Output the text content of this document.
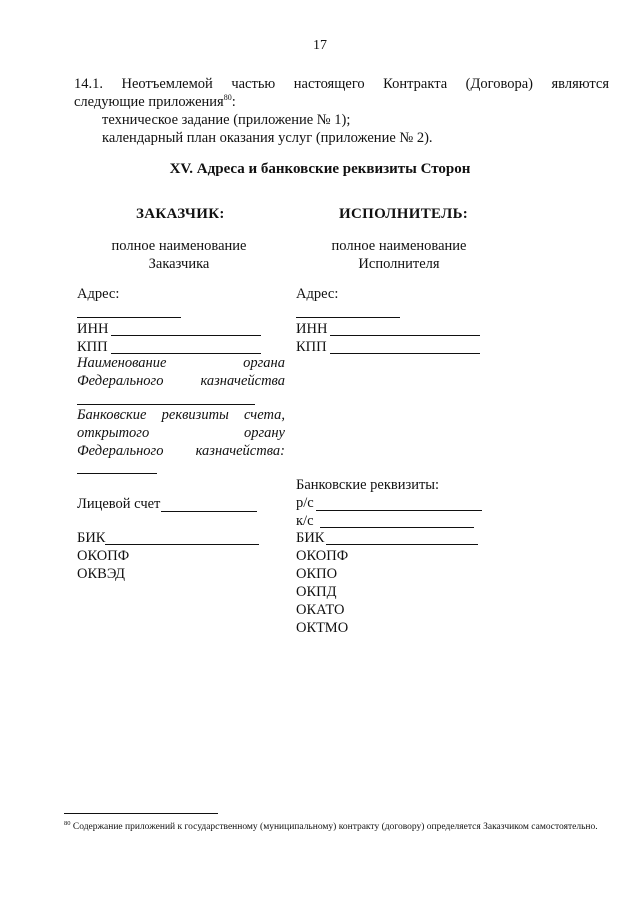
17
14.1. Неотъемлемой частью настоящего Контракта (Договора) являются
следующие приложения$^{80}$:
техническое задание (приложение № 1);
календарный план оказания услуг (приложение № 2).
XV. Адреса и банковские реквизиты Сторон
ЗАКАЗЧИК:
полное наименование
Заказчика
Адрес:
ИНН
КПП
Наименование	органа
Федерального	казначейства
Банковские реквизиты счета,
открытого	органу
Федерального казначейства:
Лицевой счет
БИК
ОКОПФ
ОКВЭД
ИСПОЛНИТЕЛЬ:
полное наименование
Исполнителя
Адрес:
ИНН
КПП
Банковские реквизиты:
р/с
к/с
БИК
ОКОПФ
ОКПО
ОКПД
ОКАТО
ОКТМО
$^{80}$ Содержание приложений к государственному (муниципальному) контракту (договору) определяется Заказчиком самостоятельно.
